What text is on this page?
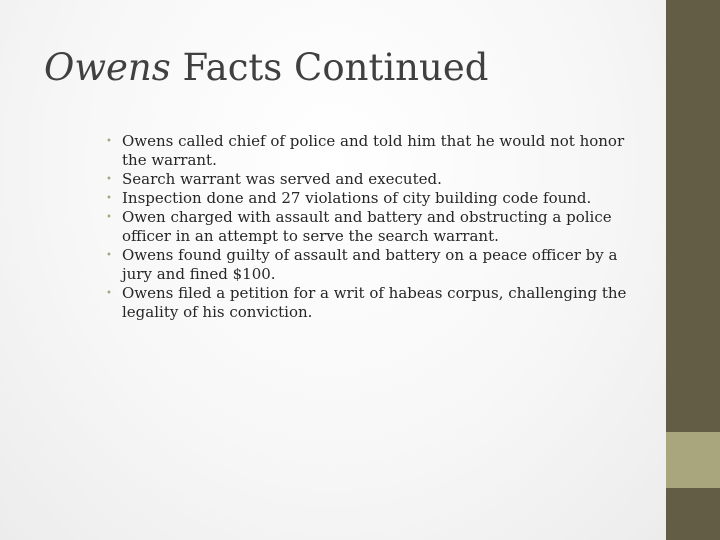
Owens Facts Continued
• Owens called chief of police and told him that he would not honor the warrant.
• Search warrant was served and executed.
• Inspection done and 27 violations of city building code found.
• Owen charged with assault and battery and obstructing a police officer in an attempt to serve the search warrant.
• Owens found guilty of assault and battery on a peace officer by a jury and fined $100.
• Owens filed a petition for a writ of habeas corpus, challenging the legality of his conviction.
